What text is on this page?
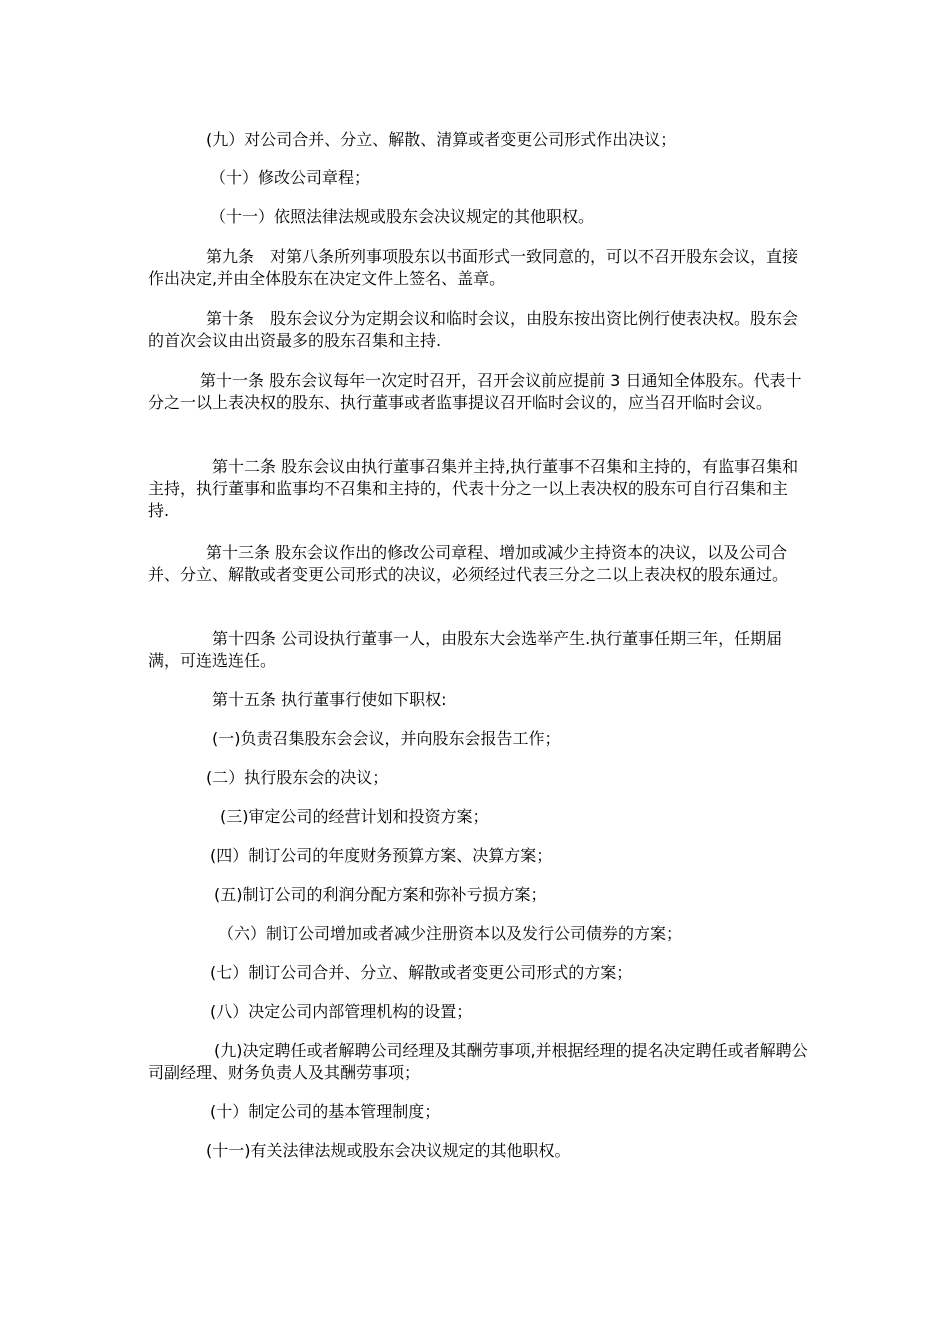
(九）对公司合并、分立、解散、清算或者变更公司形式作出决议；

（十）修改公司章程；

（十一）依照法律法规或股东会决议规定的其他职权。

第九条　对第八条所列事项股东以书面形式一致同意的，可以不召开股东会议，直接作出决定,并由全体股东在决定文件上签名、盖章。

第十条　股东会议分为定期会议和临时会议，由股东按出资比例行使表决权。股东会的首次会议由出资最多的股东召集和主持.

第十一条 股东会议每年一次定时召开，召开会议前应提前 3 日通知全体股东。代表十分之一以上表决权的股东、执行董事或者监事提议召开临时会议的，应当召开临时会议。

第十二条 股东会议由执行董事召集并主持,执行董事不召集和主持的，有监事召集和主持，执行董事和监事均不召集和主持的，代表十分之一以上表决权的股东可自行召集和主持.

第十三条 股东会议作出的修改公司章程、增加或减少主持资本的决议，以及公司合并、分立、解散或者变更公司形式的决议，必须经过代表三分之二以上表决权的股东通过。

第十四条 公司设执行董事一人，由股东大会选举产生.执行董事任期三年，任期届满，可连选连任。

第十五条 执行董事行使如下职权:

(一)负责召集股东会会议，并向股东会报告工作；

(二）执行股东会的决议；

(三)审定公司的经营计划和投资方案；

(四）制订公司的年度财务预算方案、决算方案；

(五)制订公司的利润分配方案和弥补亏损方案；

（六）制订公司增加或者减少注册资本以及发行公司债券的方案；

(七）制订公司合并、分立、解散或者变更公司形式的方案；

(八）决定公司内部管理机构的设置；

(九)决定聘任或者解聘公司经理及其酬劳事项,并根据经理的提名决定聘任或者解聘公司副经理、财务负责人及其酬劳事项；

(十）制定公司的基本管理制度；

(十一)有关法律法规或股东会决议规定的其他职权。
